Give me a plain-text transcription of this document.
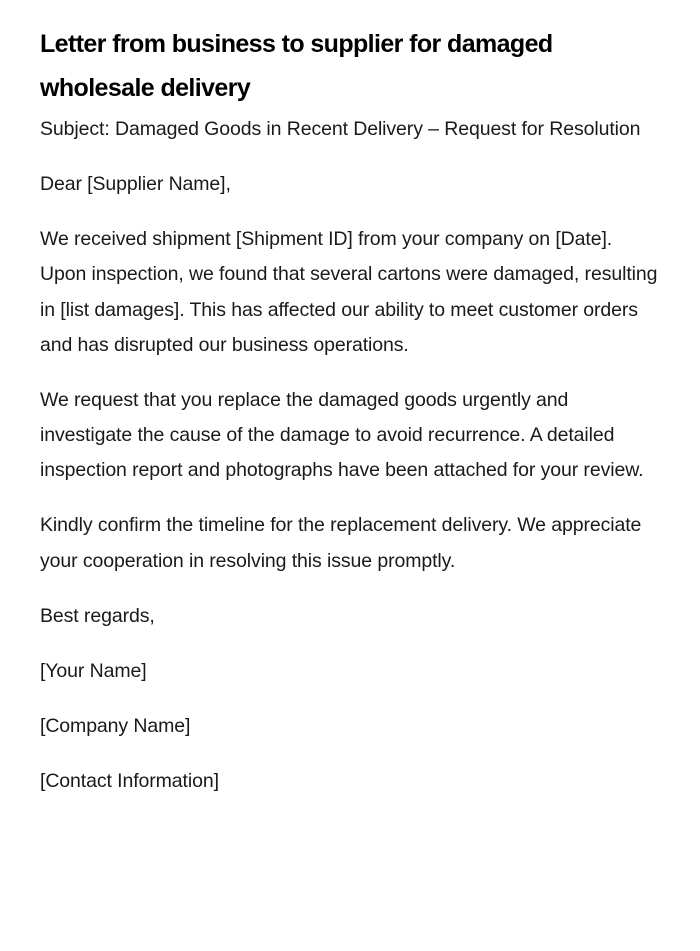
Letter from business to supplier for damaged wholesale delivery

Subject: Damaged Goods in Recent Delivery – Request for Resolution

Dear [Supplier Name],

We received shipment [Shipment ID] from your company on [Date]. Upon inspection, we found that several cartons were damaged, resulting in [list damages]. This has affected our ability to meet customer orders and has disrupted our business operations.

We request that you replace the damaged goods urgently and investigate the cause of the damage to avoid recurrence. A detailed inspection report and photographs have been attached for your review.

Kindly confirm the timeline for the replacement delivery. We appreciate your cooperation in resolving this issue promptly.

Best regards,

[Your Name]

[Company Name]

[Contact Information]
